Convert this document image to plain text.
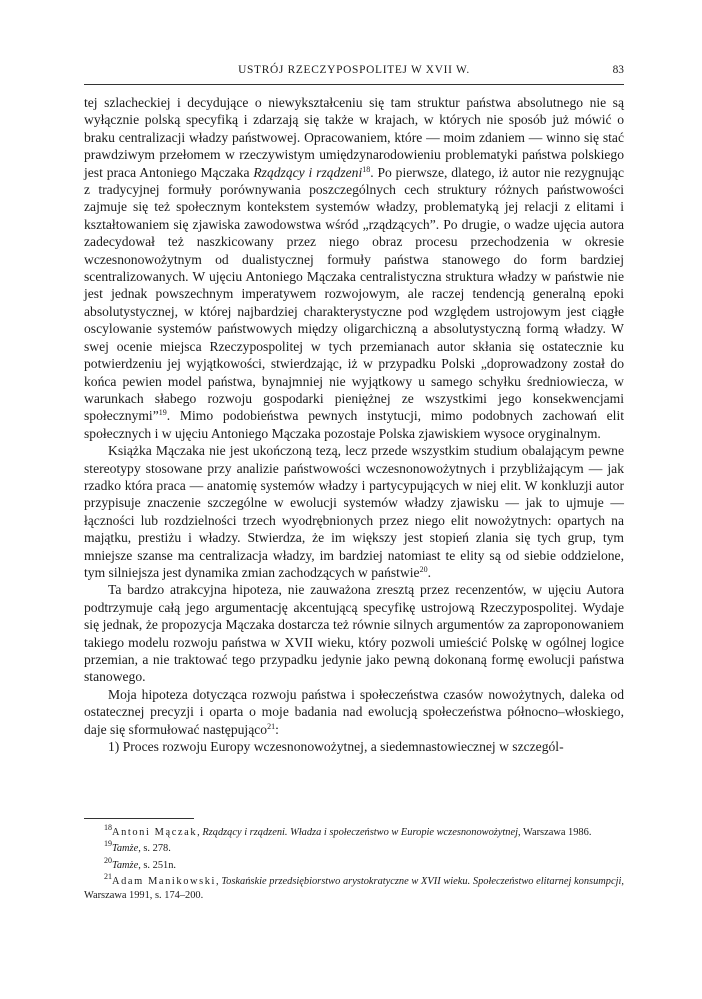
USTRÓJ RZECZYPOSPOLITEJ W XVII W.	83

tej szlacheckiej i decydujące o niewykształceniu się tam struktur państwa absolutnego nie są wyłącznie polską specyfiką i zdarzają się także w krajach, w których nie sposób już mówić o braku centralizacji władzy państwowej. Opracowaniem, które — moim zdaniem — winno się stać prawdziwym przełomem w rzeczywistym umiędzynarodowieniu problematyki państwa polskiego jest praca Antoniego Mączaka Rządzący i rządzeni$^{18}$. Po pierwsze, dlatego, iż autor nie rezygnując z tradycyjnej formuły porównywania poszczególnych cech struktury różnych państwowości zajmuje się też społecznym kontekstem systemów władzy, problematyką jej relacji z elitami i kształtowaniem się zjawiska zawodowstwa wśród „rządzących”. Po drugie, o wadze ujęcia autora zadecydował też naszkicowany przez niego obraz procesu przechodzenia w okresie wczesnonowożytnym od dualistycznej formuły państwa stanowego do form bardziej scentralizowanych. W ujęciu Antoniego Mączaka centralistyczna struktura władzy w państwie nie jest jednak powszechnym imperatywem rozwojowym, ale raczej tendencją generalną epoki absolutystycznej, w której najbardziej charakterystyczne pod względem ustrojowym jest ciągłe oscylowanie systemów państwowych między oligarchiczną a absolutystyczną formą władzy. W swej ocenie miejsca Rzeczypospolitej w tych przemianach autor skłania się ostatecznie ku potwierdzeniu jej wyjątkowości, stwierdzając, iż w przypadku Polski „doprowadzony został do końca pewien model państwa, bynajmniej nie wyjątkowy u samego schyłku średniowiecza, w warunkach słabego rozwoju gospodarki pieniężnej ze wszystkimi jego konsekwencjami społecznymi”$^{19}$. Mimo podobieństwa pewnych instytucji, mimo podobnych zachowań elit społecznych i w ujęciu Antoniego Mączaka pozostaje Polska zjawiskiem wysoce oryginalnym.

Książka Mączaka nie jest ukończoną tezą, lecz przede wszystkim studium obalającym pewne stereotypy stosowane przy analizie państwowości wczesnonowożytnych i przybliżającym — jak rzadko która praca — anatomię systemów władzy i partycypujących w niej elit. W konkluzji autor przypisuje znaczenie szczególne w ewolucji systemów władzy zjawisku — jak to ujmuje — łączności lub rozdzielności trzech wyodrębnionych przez niego elit nowożytnych: opartych na majątku, prestiżu i władzy. Stwierdza, że im większy jest stopień zlania się tych grup, tym mniejsze szanse ma centralizacja władzy, im bardziej natomiast te elity są od siebie oddzielone, tym silniejsza jest dynamika zmian zachodzących w państwie$^{20}$.

Ta bardzo atrakcyjna hipoteza, nie zauważona zresztą przez recenzentów, w ujęciu Autora podtrzymuje całą jego argumentację akcentującą specyfikę ustrojową Rzeczypospolitej. Wydaje się jednak, że propozycja Mączaka dostarcza też równie silnych argumentów za zaproponowaniem takiego modelu rozwoju państwa w XVII wieku, który pozwoli umieścić Polskę w ogólnej logice przemian, a nie traktować tego przypadku jedynie jako pewną dokonaną formę ewolucji państwa stanowego.

Moja hipoteza dotycząca rozwoju państwa i społeczeństwa czasów nowożytnych, daleka od ostatecznej precyzji i oparta o moje badania nad ewolucją społeczeństwa północno–włoskiego, daje się sformułować następująco$^{21}$:

1) Proces rozwoju Europy wczesnonowożytnej, a siedemnastowiecznej w szczegól-

$^{18}$Antoni Mączak, Rządzący i rządzeni. Władza i społeczeństwo w Europie wczesnonowożytnej, Warszawa 1986.

$^{19}$Tamże, s. 278.

$^{20}$Tamże, s. 251n.

$^{21}$Adam Manikowski, Toskańskie przedsiębiorstwo arystokratyczne w XVII wieku. Społeczeństwo elitarnej konsumpcji, Warszawa 1991, s. 174–200.
